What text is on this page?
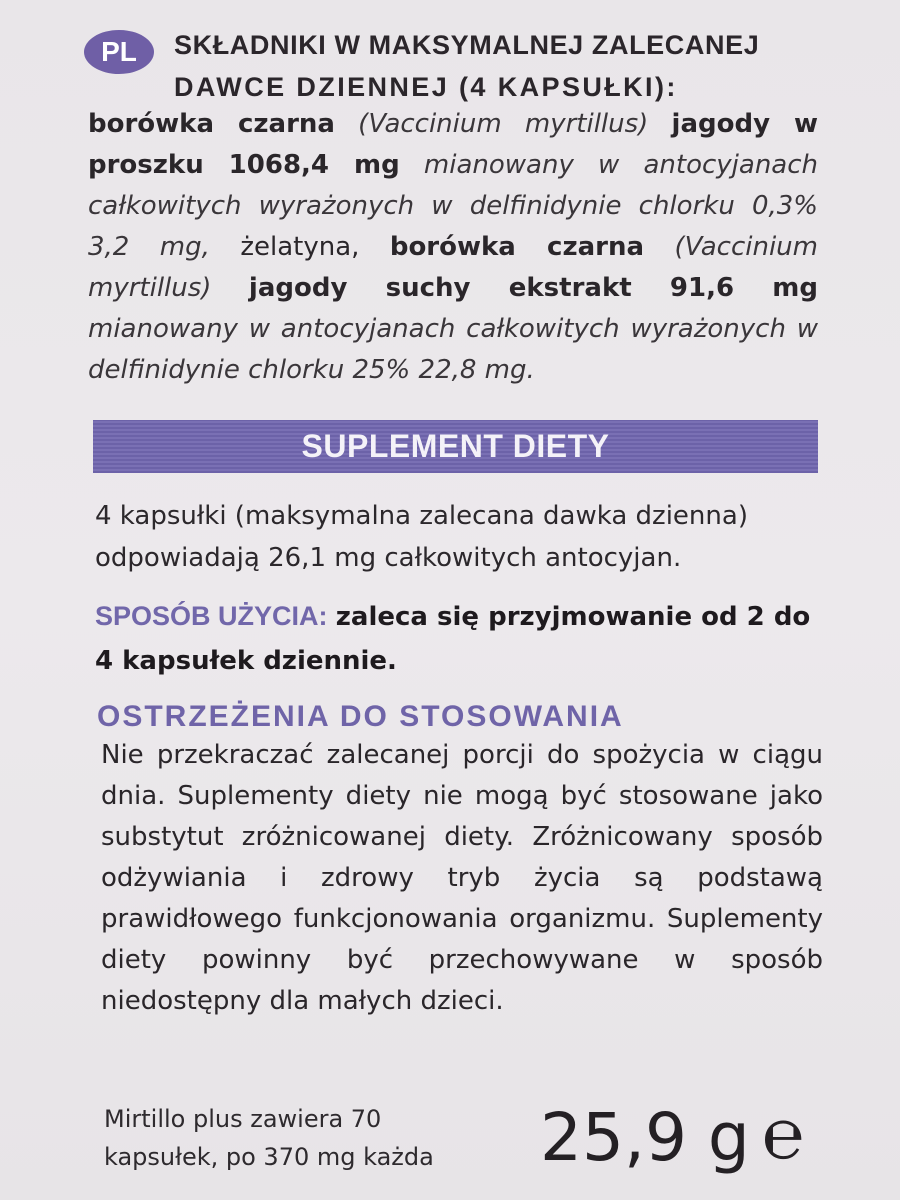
PL	SKŁADNIKI W MAKSYMALNEJ ZALECANEJ
DAWCE DZIENNEJ (4 KAPSUŁKI):
borówka czarna (Vaccinium myrtillus) jagody w proszku 1068,4 mg mianowany w antocyjanach całkowitych wyrażonych w delfinidynie chlorku 0,3% 3,2 mg, żelatyna, borówka czarna (Vaccinium myrtillus) jagody suchy ekstrakt 91,6 mg mianowany w antocyjanach całkowitych wyrażonych w delfinidynie chlorku 25% 22,8 mg.
SUPLEMENT DIETY
4 kapsułki (maksymalna zalecana dawka dzienna) odpowiadają 26,1 mg całkowitych antocyjan.
SPOSÓB UŻYCIA: zaleca się przyjmowanie od 2 do 4 kapsułek dziennie.
OSTRZEŻENIA DO STOSOWANIA
Nie przekraczać zalecanej porcji do spożycia w ciągu dnia. Suplementy diety nie mogą być stosowane jako substytut zróżnicowanej diety. Zróżnicowany sposób odżywiania i zdrowy tryb życia są podstawą prawidłowego funkcjonowania organizmu. Suplementy diety powinny być przechowywane w sposób niedostępny dla małych dzieci.
Mirtillo plus zawiera 70
kapsułek, po 370 mg każda	25,9 g ℮
